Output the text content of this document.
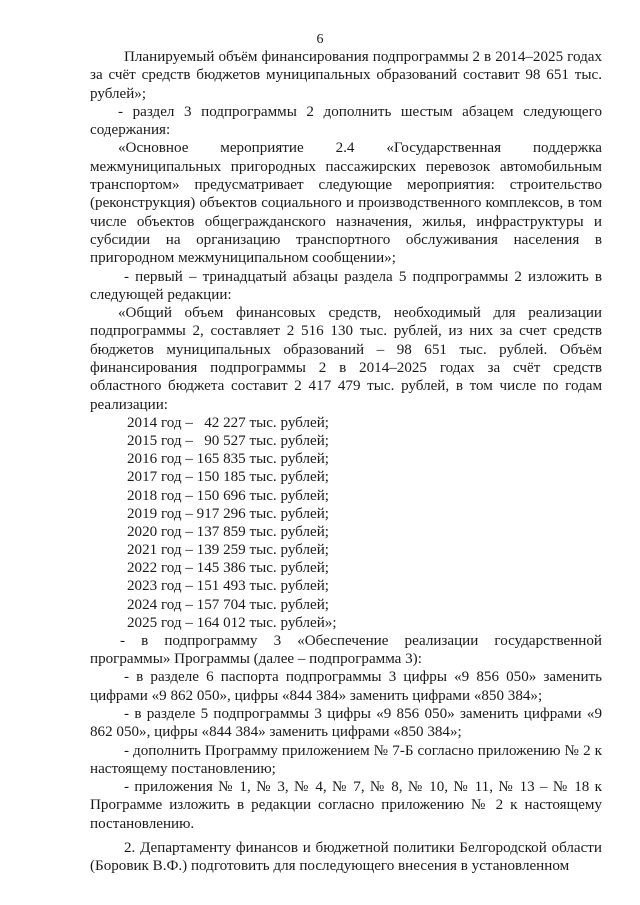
6

Планируемый объём финансирования подпрограммы 2 в 2014–2025 годах за счёт средств бюджетов муниципальных образований составит 98 651 тыс. рублей»;

- раздел 3 подпрограммы 2 дополнить шестым абзацем следующего содержания:

«Основное мероприятие 2.4 «Государственная поддержка межмуниципальных пригородных пассажирских перевозок автомобильным транспортом» предусматривает следующие мероприятия: строительство (реконструкция) объектов социального и производственного комплексов, в том числе объектов общегражданского назначения, жилья, инфраструктуры и субсидии на организацию транспортного обслуживания населения в пригородном межмуниципальном сообщении»;

- первый – тринадцатый абзацы раздела 5 подпрограммы 2 изложить в следующей редакции:

«Общий объем финансовых средств, необходимый для реализации подпрограммы 2, составляет 2 516 130 тыс. рублей, из них за счет средств бюджетов муниципальных образований – 98 651 тыс. рублей. Объём финансирования подпрограммы 2 в 2014–2025 годах за счёт средств областного бюджета составит 2 417 479 тыс. рублей, в том числе по годам реализации:

2014 год –   42 227 тыс. рублей;
2015 год –   90 527 тыс. рублей;
2016 год – 165 835 тыс. рублей;
2017 год – 150 185 тыс. рублей;
2018 год – 150 696 тыс. рублей;
2019 год – 917 296 тыс. рублей;
2020 год – 137 859 тыс. рублей;
2021 год – 139 259 тыс. рублей;
2022 год – 145 386 тыс. рублей;
2023 год – 151 493 тыс. рублей;
2024 год – 157 704 тыс. рублей;
2025 год – 164 012 тыс. рублей»;

- в подпрограмму 3 «Обеспечение реализации государственной программы» Программы (далее – подпрограмма 3):

- в разделе 6 паспорта подпрограммы 3 цифры «9 856 050» заменить цифрами «9 862 050», цифры «844 384» заменить цифрами «850 384»;

- в разделе 5 подпрограммы 3 цифры «9 856 050» заменить цифрами «9 862 050», цифры «844 384» заменить цифрами «850 384»;

- дополнить Программу приложением № 7-Б согласно приложению № 2 к настоящему постановлению;

- приложения № 1, № 3, № 4, № 7, № 8, № 10, № 11, № 13 – № 18 к Программе изложить в редакции согласно приложению № 2 к настоящему постановлению.

2. Департаменту финансов и бюджетной политики Белгородской области (Боровик В.Ф.) подготовить для последующего внесения в установленном
